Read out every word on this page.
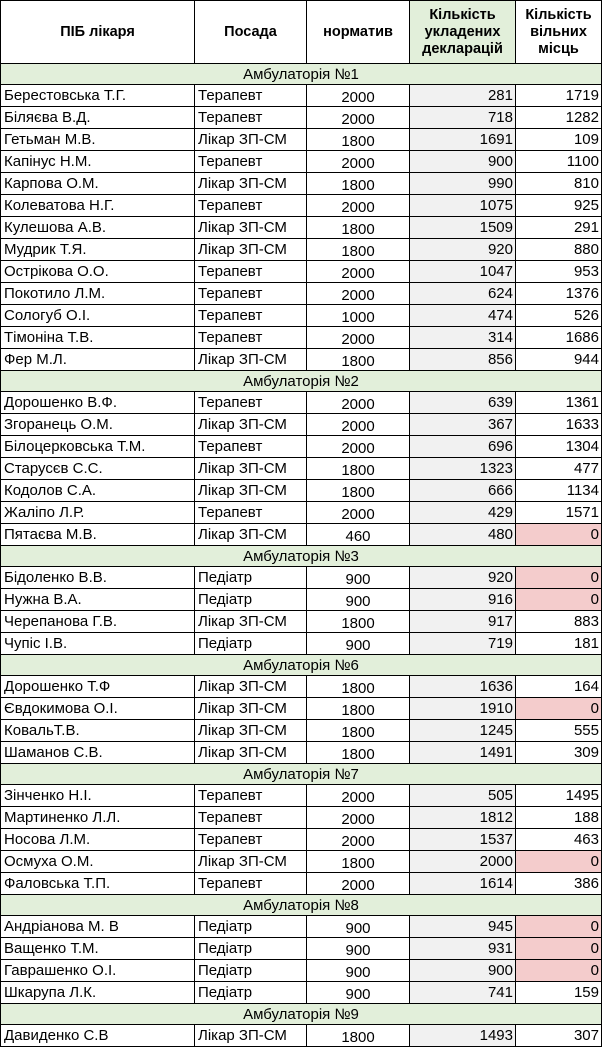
ПІБ лікаря	Посада	норматив	Кількість укладених декларацій	Кількість вільних місць
Амбулаторія №1				
Берестовська Т.Г.	Терапевт	2000	281	1719
Біляєва В.Д.	Терапевт	2000	718	1282
Гетьман М.В.	Лікар ЗП-СМ	1800	1691	109
Капінус Н.М.	Терапевт	2000	900	1100
Карпова О.М.	Лікар ЗП-СМ	1800	990	810
Колеватова Н.Г.	Терапевт	2000	1075	925
Кулешова А.В.	Лікар ЗП-СМ	1800	1509	291
Мудрик Т.Я.	Лікар ЗП-СМ	1800	920	880
Острікова О.О.	Терапевт	2000	1047	953
Покотило Л.М.	Терапевт	2000	624	1376
Сологуб О.І.	Терапевт	1000	474	526
Тімоніна Т.В.	Терапевт	2000	314	1686
Фер М.Л.	Лікар ЗП-СМ	1800	856	944
Амбулаторія №2				
Дорошенко В.Ф.	Терапевт	2000	639	1361
Згоранець О.М.	Лікар ЗП-СМ	2000	367	1633
Білоцерковська Т.М.	Терапевт	2000	696	1304
Старусєв С.С.	Лікар ЗП-СМ	1800	1323	477
Кодолов С.А.	Лікар ЗП-СМ	1800	666	1134
Жаліпо Л.Р.	Терапевт	2000	429	1571
Пятаєва М.В.	Лікар ЗП-СМ	460	480	0
Амбулаторія №3				
Бідоленко В.В.	Педіатр	900	920	0
Нужна В.А.	Педіатр	900	916	0
Черепанова Г.В.	Лікар ЗП-СМ	1800	917	883
Чупіс І.В.	Педіатр	900	719	181
Амбулаторія №6				
Дорошенко Т.Ф	Лікар ЗП-СМ	1800	1636	164
Євдокимова О.І.	Лікар ЗП-СМ	1800	1910	0
КовальТ.В.	Лікар ЗП-СМ	1800	1245	555
Шаманов С.В.	Лікар ЗП-СМ	1800	1491	309
Амбулаторія №7				
Зінченко Н.І.	Терапевт	2000	505	1495
Мартиненко Л.Л.	Терапевт	2000	1812	188
Носова Л.М.	Терапевт	2000	1537	463
Осмуха О.М.	Лікар ЗП-СМ	1800	2000	0
Фаловська Т.П.	Терапевт	2000	1614	386
Амбулаторія №8				
Андріанова М. В	Педіатр	900	945	0
Ващенко Т.М.	Педіатр	900	931	0
Гаврашенко О.І.	Педіатр	900	900	0
Шкарупа Л.К.	Педіатр	900	741	159
Амбулаторія №9				
Давиденко С.В	Лікар ЗП-СМ	1800	1493	307
